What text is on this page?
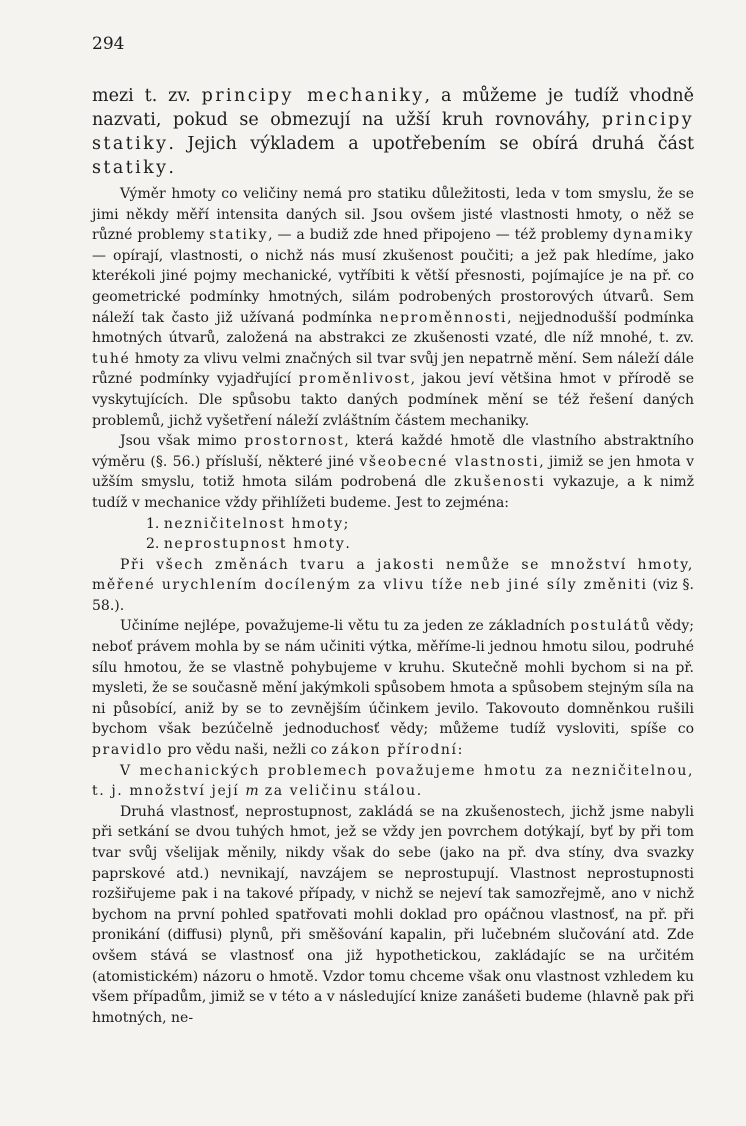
294

mezi t. zv. principy mechaniky, a můžeme je tudíž vhodně nazvati, pokud se obmezují na užší kruh rovnováhy, principy statiky. Jejich výkladem a upotřebením se obírá druhá část statiky.

Výměr hmoty co veličiny nemá pro statiku důležitosti, leda v tom smyslu, že se jimi někdy měří intensita daných sil. Jsou ovšem jisté vlastnosti hmoty, o něž se různé problemy statiky, — a budiž zde hned připojeno — též problemy dynamiky — opírají, vlastnosti, o nichž nás musí zkušenost poučiti; a jež pak hledíme, jako kterékoli jiné pojmy mechanické, vytříbiti k větší přesnosti, pojímajíce je na př. co geometrické podmínky hmotných, silám podrobených prostorových útvarů. Sem náleží tak často již užívaná podmínka neproměnnosti, nejjednodušší podmínka hmotných útvarů, založená na abstrakci ze zkušenosti vzaté, dle níž mnohé, t. zv. tuhé hmoty za vlivu velmi značných sil tvar svůj jen nepatrně mění. Sem náleží dále různé podmínky vyjadřující proměnlivost, jakou jeví většina hmot v přírodě se vyskytujících. Dle spůsobu takto daných podmínek mění se též řešení daných problemů, jichž vyšetření náleží zvláštním částem mechaniky.

Jsou však mimo prostornost, která každé hmotě dle vlastního abstraktního výměru (§. 56.) přísluší, některé jiné všeobecné vlastnosti, jimiž se jen hmota v užším smyslu, totiž hmota silám podrobená dle zkušenosti vykazuje, a k nimž tudíž v mechanice vždy přihlížeti budeme. Jest to zejména:

1. nezničitelnost hmoty;

2. neprostupnost hmoty.

Při všech změnách tvaru a jakosti nemůže se množství hmoty, měřené urychlením docíleným za vlivu tíže neb jiné síly změniti (viz §. 58.).

Učiníme nejlépe, považujeme-li větu tu za jeden ze základních postulátů vědy; neboť právem mohla by se nám učiniti výtka, měříme-li jednou hmotu silou, podruhé sílu hmotou, že se vlastně pohybujeme v kruhu. Skutečně mohli bychom si na př. mysleti, že se současně mění jakýmkoli spůsobem hmota a spůsobem stejným síla na ni působící, aniž by se to zevnějším účinkem jevilo. Takovouto domněnkou rušili bychom však bezúčelně jednoduchosť vědy; můžeme tudíž vysloviti, spíše co pravidlo pro vědu naši, nežli co zákon přírodní:

V mechanických problemech považujeme hmotu za nezničitelnou, t. j. množství její m za veličinu stálou.

Druhá vlastnosť, neprostupnost, zakládá se na zkušenostech, jichž jsme nabyli při setkání se dvou tuhých hmot, jež se vždy jen povrchem dotýkají, byť by při tom tvar svůj všelijak měnily, nikdy však do sebe (jako na př. dva stíny, dva svazky paprskové atd.) nevnikají, navzájem se neprostupují. Vlastnost neprostupnosti rozšiřujeme pak i na takové případy, v nichž se nejeví tak samozřejmě, ano v nichž bychom na první pohled spatřovati mohli doklad pro opáčnou vlastnosť, na př. při pronikání (diffusi) plynů, při směšování kapalin, při lučebném slučování atd. Zde ovšem stává se vlastnosť ona již hypothetickou, zakládajíc se na určitém (atomistickém) názoru o hmotě. Vzdor tomu chceme však onu vlastnost vzhledem ku všem případům, jimiž se v této a v následující knize zanášeti budeme (hlavně pak při hmotných, ne-
